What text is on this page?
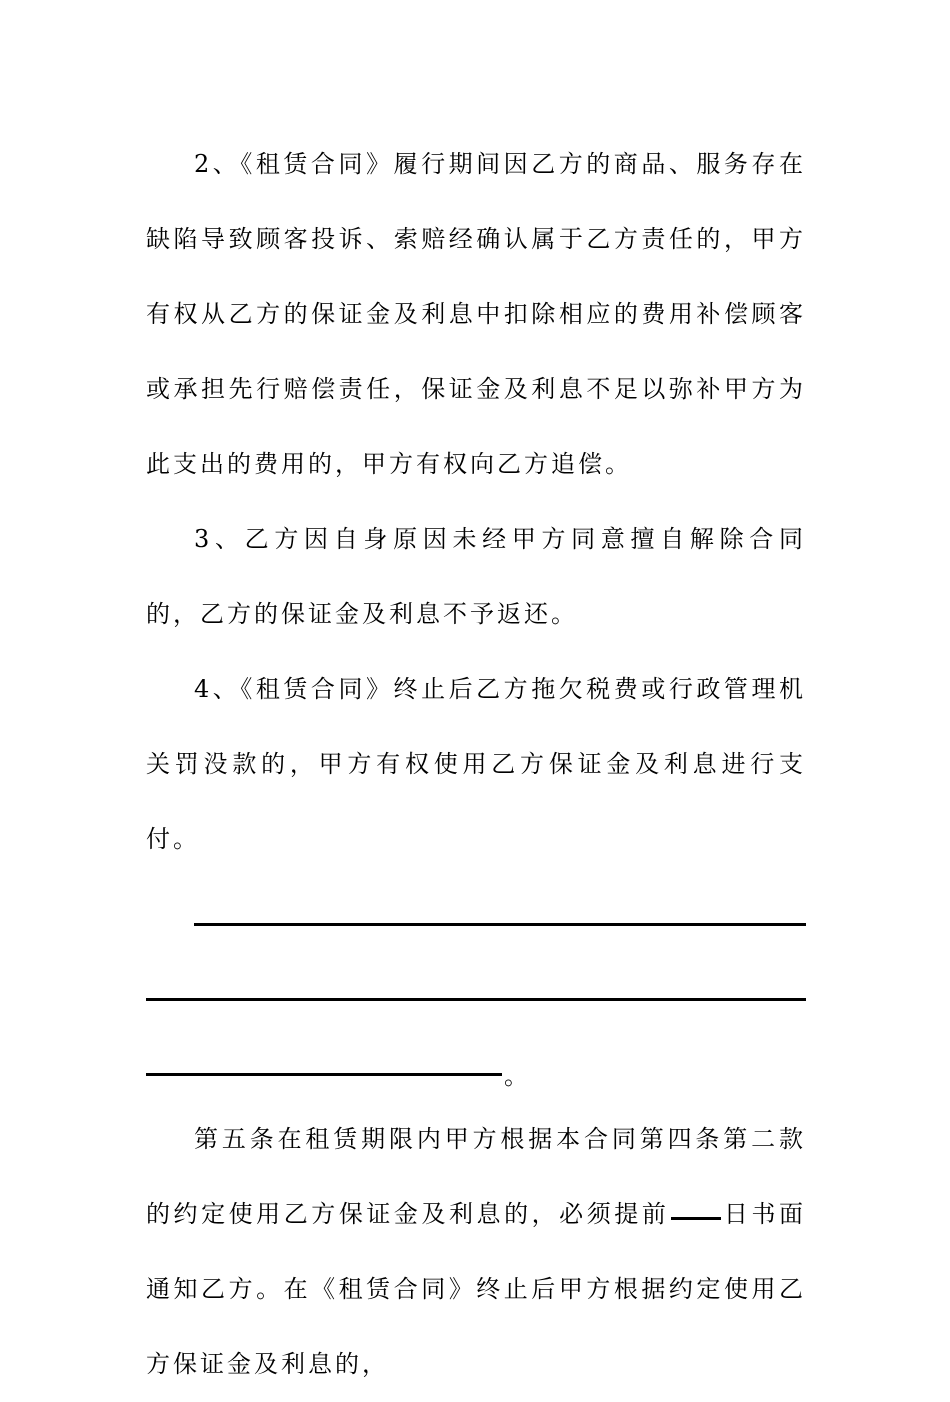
2、《租赁合同》履行期间因乙方的商品、服务存在缺陷导致顾客投诉、索赔经确认属于乙方责任的，甲方有权从乙方的保证金及利息中扣除相应的费用补偿顾客或承担先行赔偿责任，保证金及利息不足以弥补甲方为此支出的费用的，甲方有权向乙方追偿。

3、乙方因自身原因未经甲方同意擅自解除合同的，乙方的保证金及利息不予返还。

4、《租赁合同》终止后乙方拖欠税费或行政管理机关罚没款的，甲方有权使用乙方保证金及利息进行支付。

。

第五条在租赁期限内甲方根据本合同第四条第二款的约定使用乙方保证金及利息的，必须提前 日书面通知乙方。在《租赁合同》终止后甲方根据约定使用乙方保证金及利息的，
